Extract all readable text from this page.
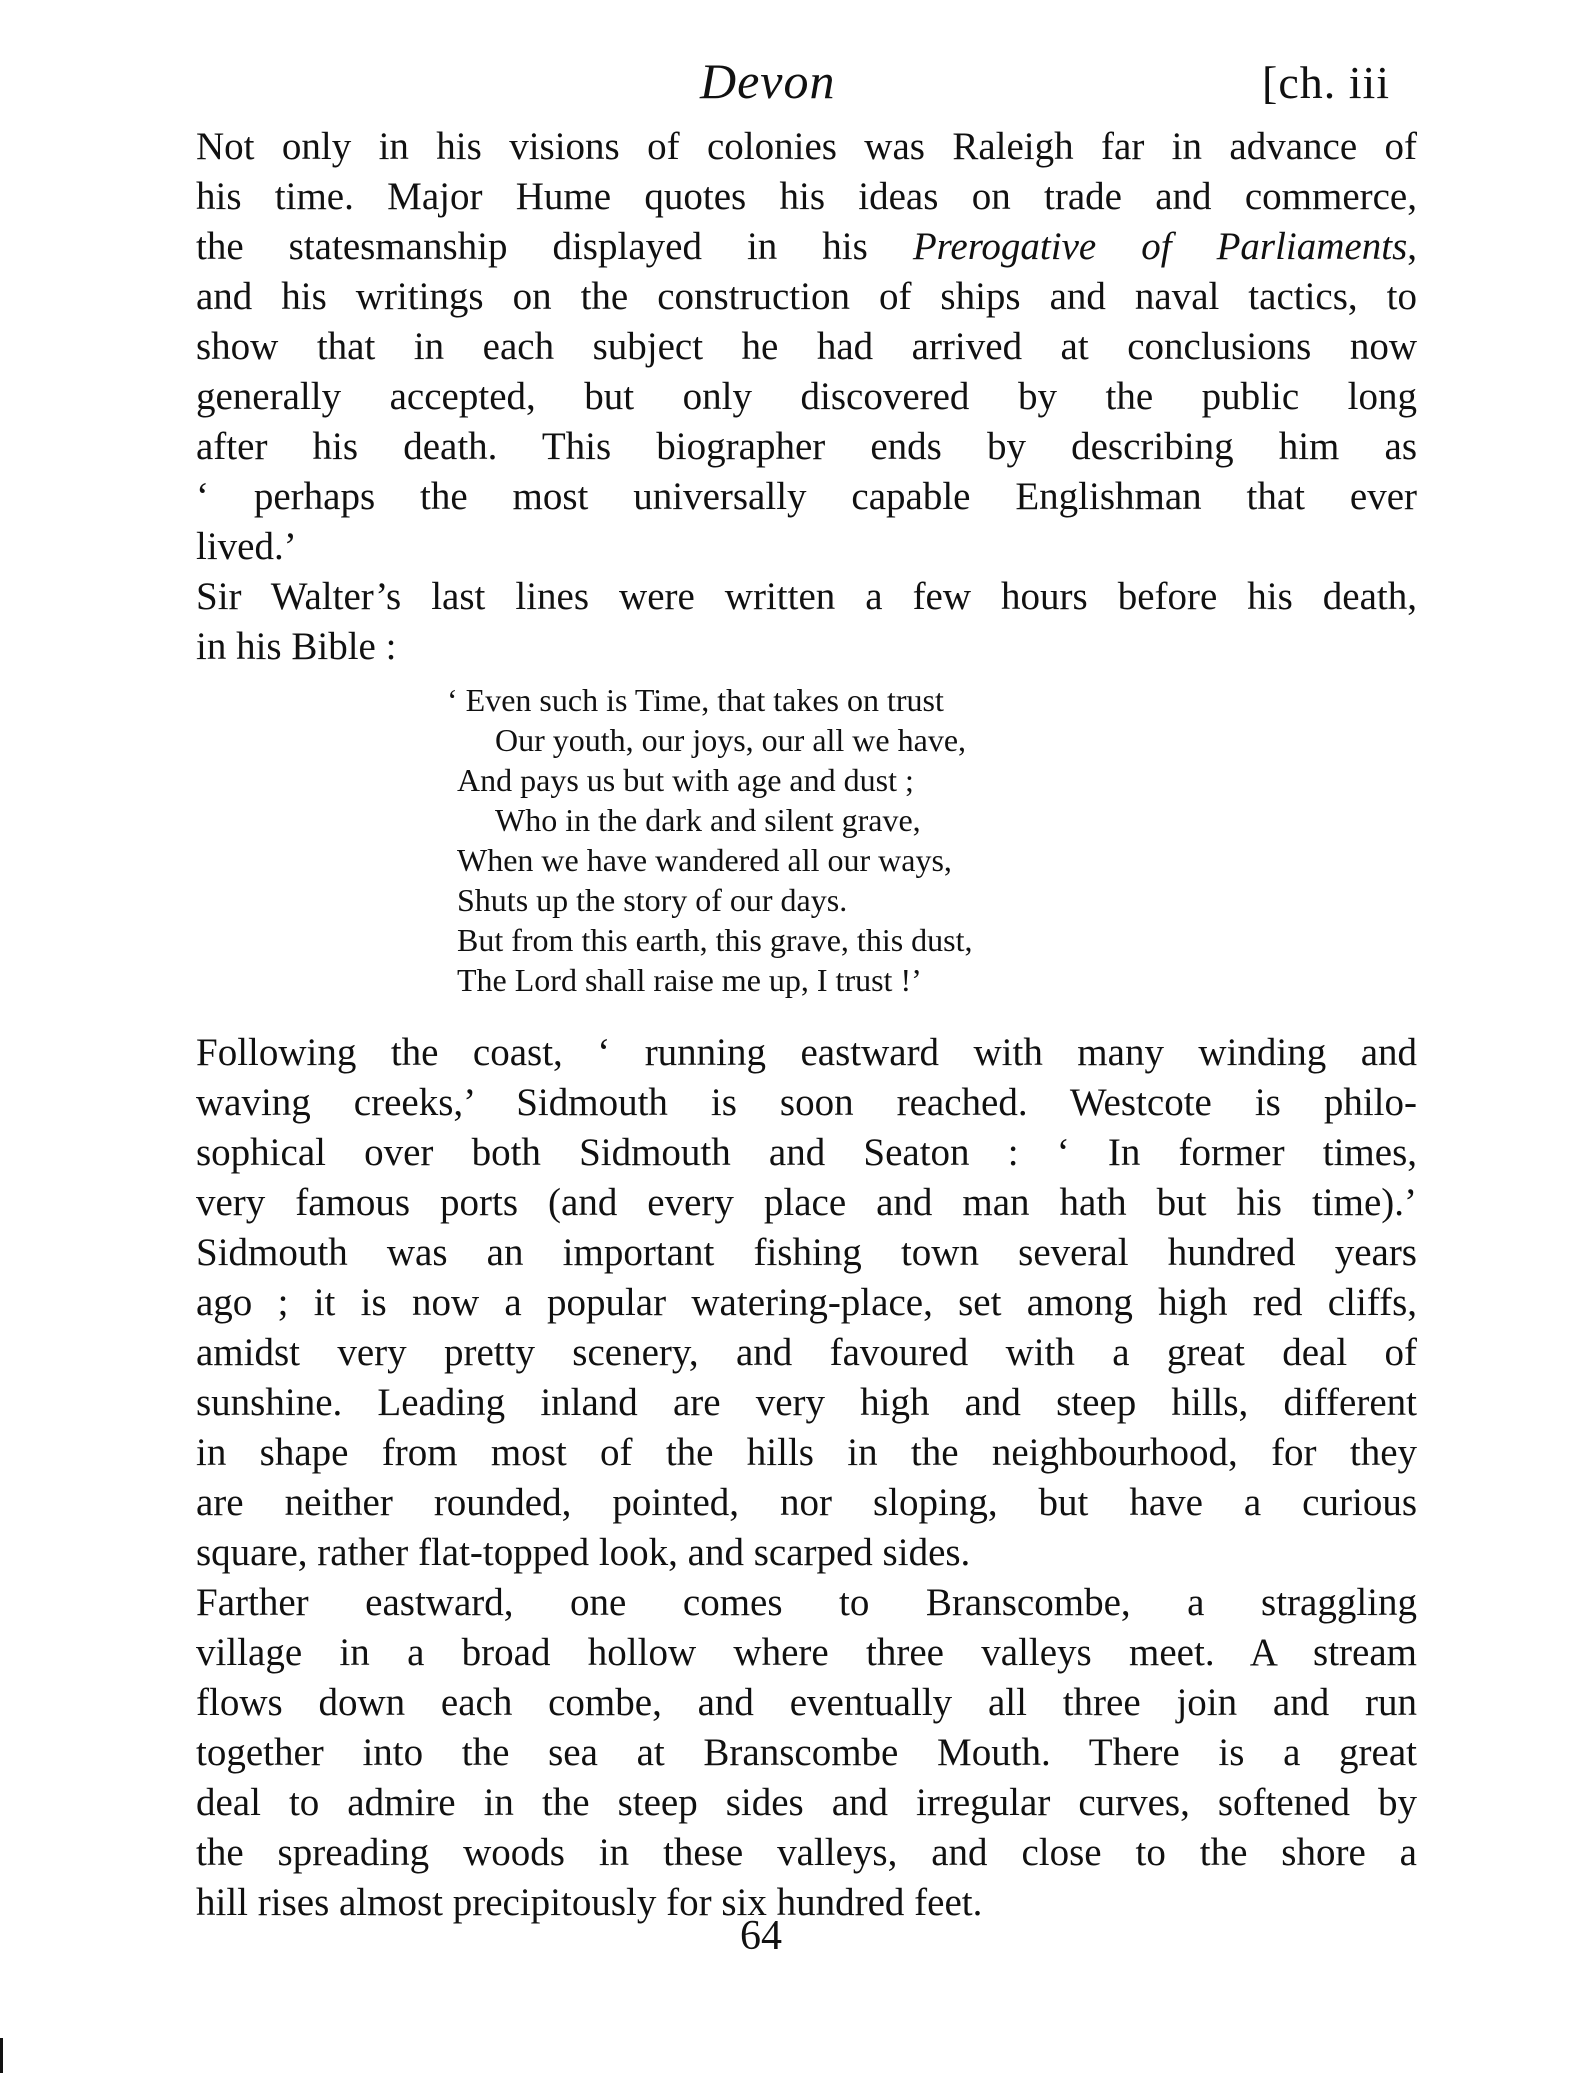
Devon	[ch. iii

Not only in his visions of colonies was Raleigh far in advance of
his time. Major Hume quotes his ideas on trade and commerce,
the statesmanship displayed in his Prerogative of Parliaments,
and his writings on the construction of ships and naval tactics, to
show that in each subject he had arrived at conclusions now
generally accepted, but only discovered by the public long
after his death. This biographer ends by describing him as
‘ perhaps the most universally capable Englishman that ever
lived.’

Sir Walter’s last lines were written a few hours before his death,
in his Bible :

‘ Even such is Time, that takes on trust
Our youth, our joys, our all we have,
And pays us but with age and dust ;
Who in the dark and silent grave,
When we have wandered all our ways,
Shuts up the story of our days.
But from this earth, this grave, this dust,
The Lord shall raise me up, I trust !’

Following the coast, ‘ running eastward with many winding and
waving creeks,’ Sidmouth is soon reached. Westcote is philo-
sophical over both Sidmouth and Seaton : ‘ In former times,
very famous ports (and every place and man hath but his time).’
Sidmouth was an important fishing town several hundred years
ago ; it is now a popular watering-place, set among high red cliffs,
amidst very pretty scenery, and favoured with a great deal of
sunshine. Leading inland are very high and steep hills, different
in shape from most of the hills in the neighbourhood, for they
are neither rounded, pointed, nor sloping, but have a curious
square, rather flat-topped look, and scarped sides.

Farther eastward, one comes to Branscombe, a straggling
village in a broad hollow where three valleys meet. A stream
flows down each combe, and eventually all three join and run
together into the sea at Branscombe Mouth. There is a great
deal to admire in the steep sides and irregular curves, softened by
the spreading woods in these valleys, and close to the shore a
hill rises almost precipitously for six hundred feet.

64
